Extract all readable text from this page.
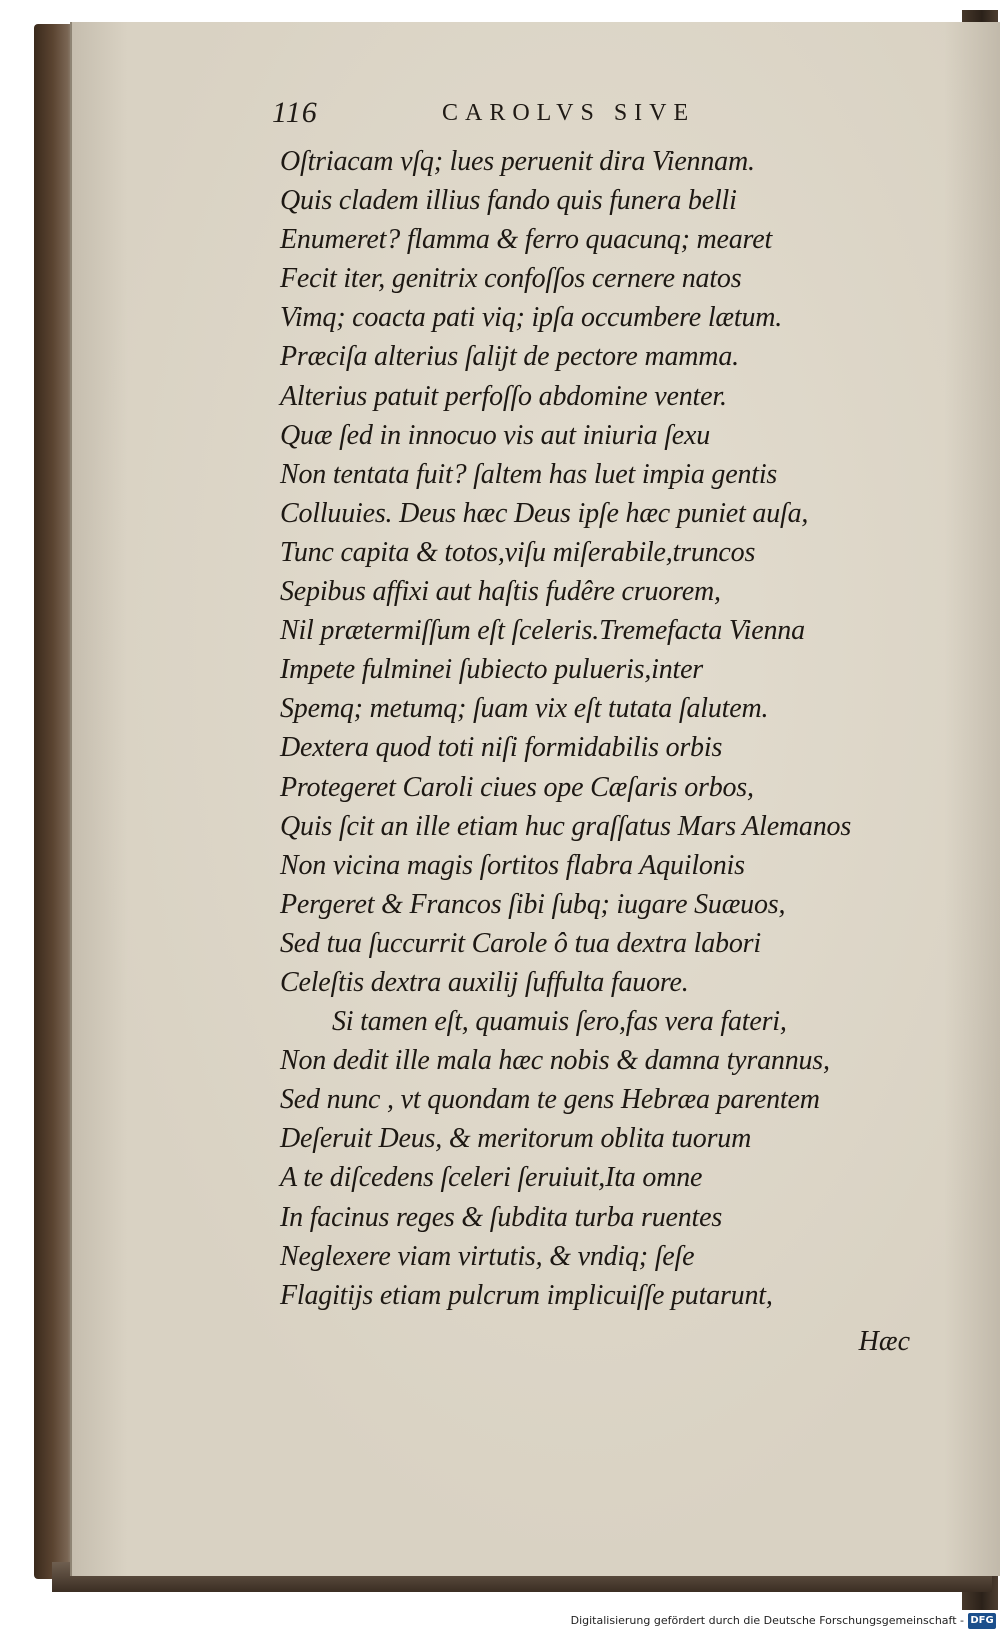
116	CAROLVS SIVE
Oſtriacam vſq; lues peruenit dira Viennam.
Quis cladem illius fando quis funera belli
Enumeret? flamma & ferro quacunq; mearet
Fecit iter, genitrix confoſſos cernere natos
Vimq; coacta pati viq; ipſa occumbere lætum.
Præciſa alterius ſalijt de pectore mamma.
Alterius patuit perfoſſo abdomine venter.
Quæ ſed in innocuo vis aut iniuria ſexu
Non tentata fuit? ſaltem has luet impia gentis
Colluuies. Deus hæc Deus ipſe hæc puniet auſa,
Tunc capita & totos,viſu miſerabile,truncos
Sepibus affixi aut haſtis fudêre cruorem,
Nil prætermiſſum eſt ſceleris.Tremefacta Vienna
Impete fulminei ſubiecto pulueris,inter
Spemq; metumq; ſuam vix eſt tutata ſalutem.
Dextera quod toti niſi formidabilis orbis
Protegeret Caroli ciues ope Cæſaris orbos,
Quis ſcit an ille etiam huc graſſatus Mars Alemanos
Non vicina magis ſortitos flabra Aquilonis
Pergeret & Francos ſibi ſubq; iugare Suæuos,
Sed tua ſuccurrit Carole ô tua dextra labori
Celeſtis dextra auxilij ſuffulta fauore.
Si tamen eſt, quamuis ſero,fas vera fateri,
Non dedit ille mala hæc nobis & damna tyrannus,
Sed nunc , vt quondam te gens Hebræa parentem
Deſeruit Deus, & meritorum oblita tuorum
A te diſcedens ſceleri ſeruiuit,Ita omne
In facinus reges & ſubdita turba ruentes
Neglexere viam virtutis, & vndiq; ſeſe
Flagitijs etiam pulcrum implicuiſſe putarunt,
Hæc
Digitalisierung gefördert durch die Deutsche Forschungsgemeinschaft - DFG
